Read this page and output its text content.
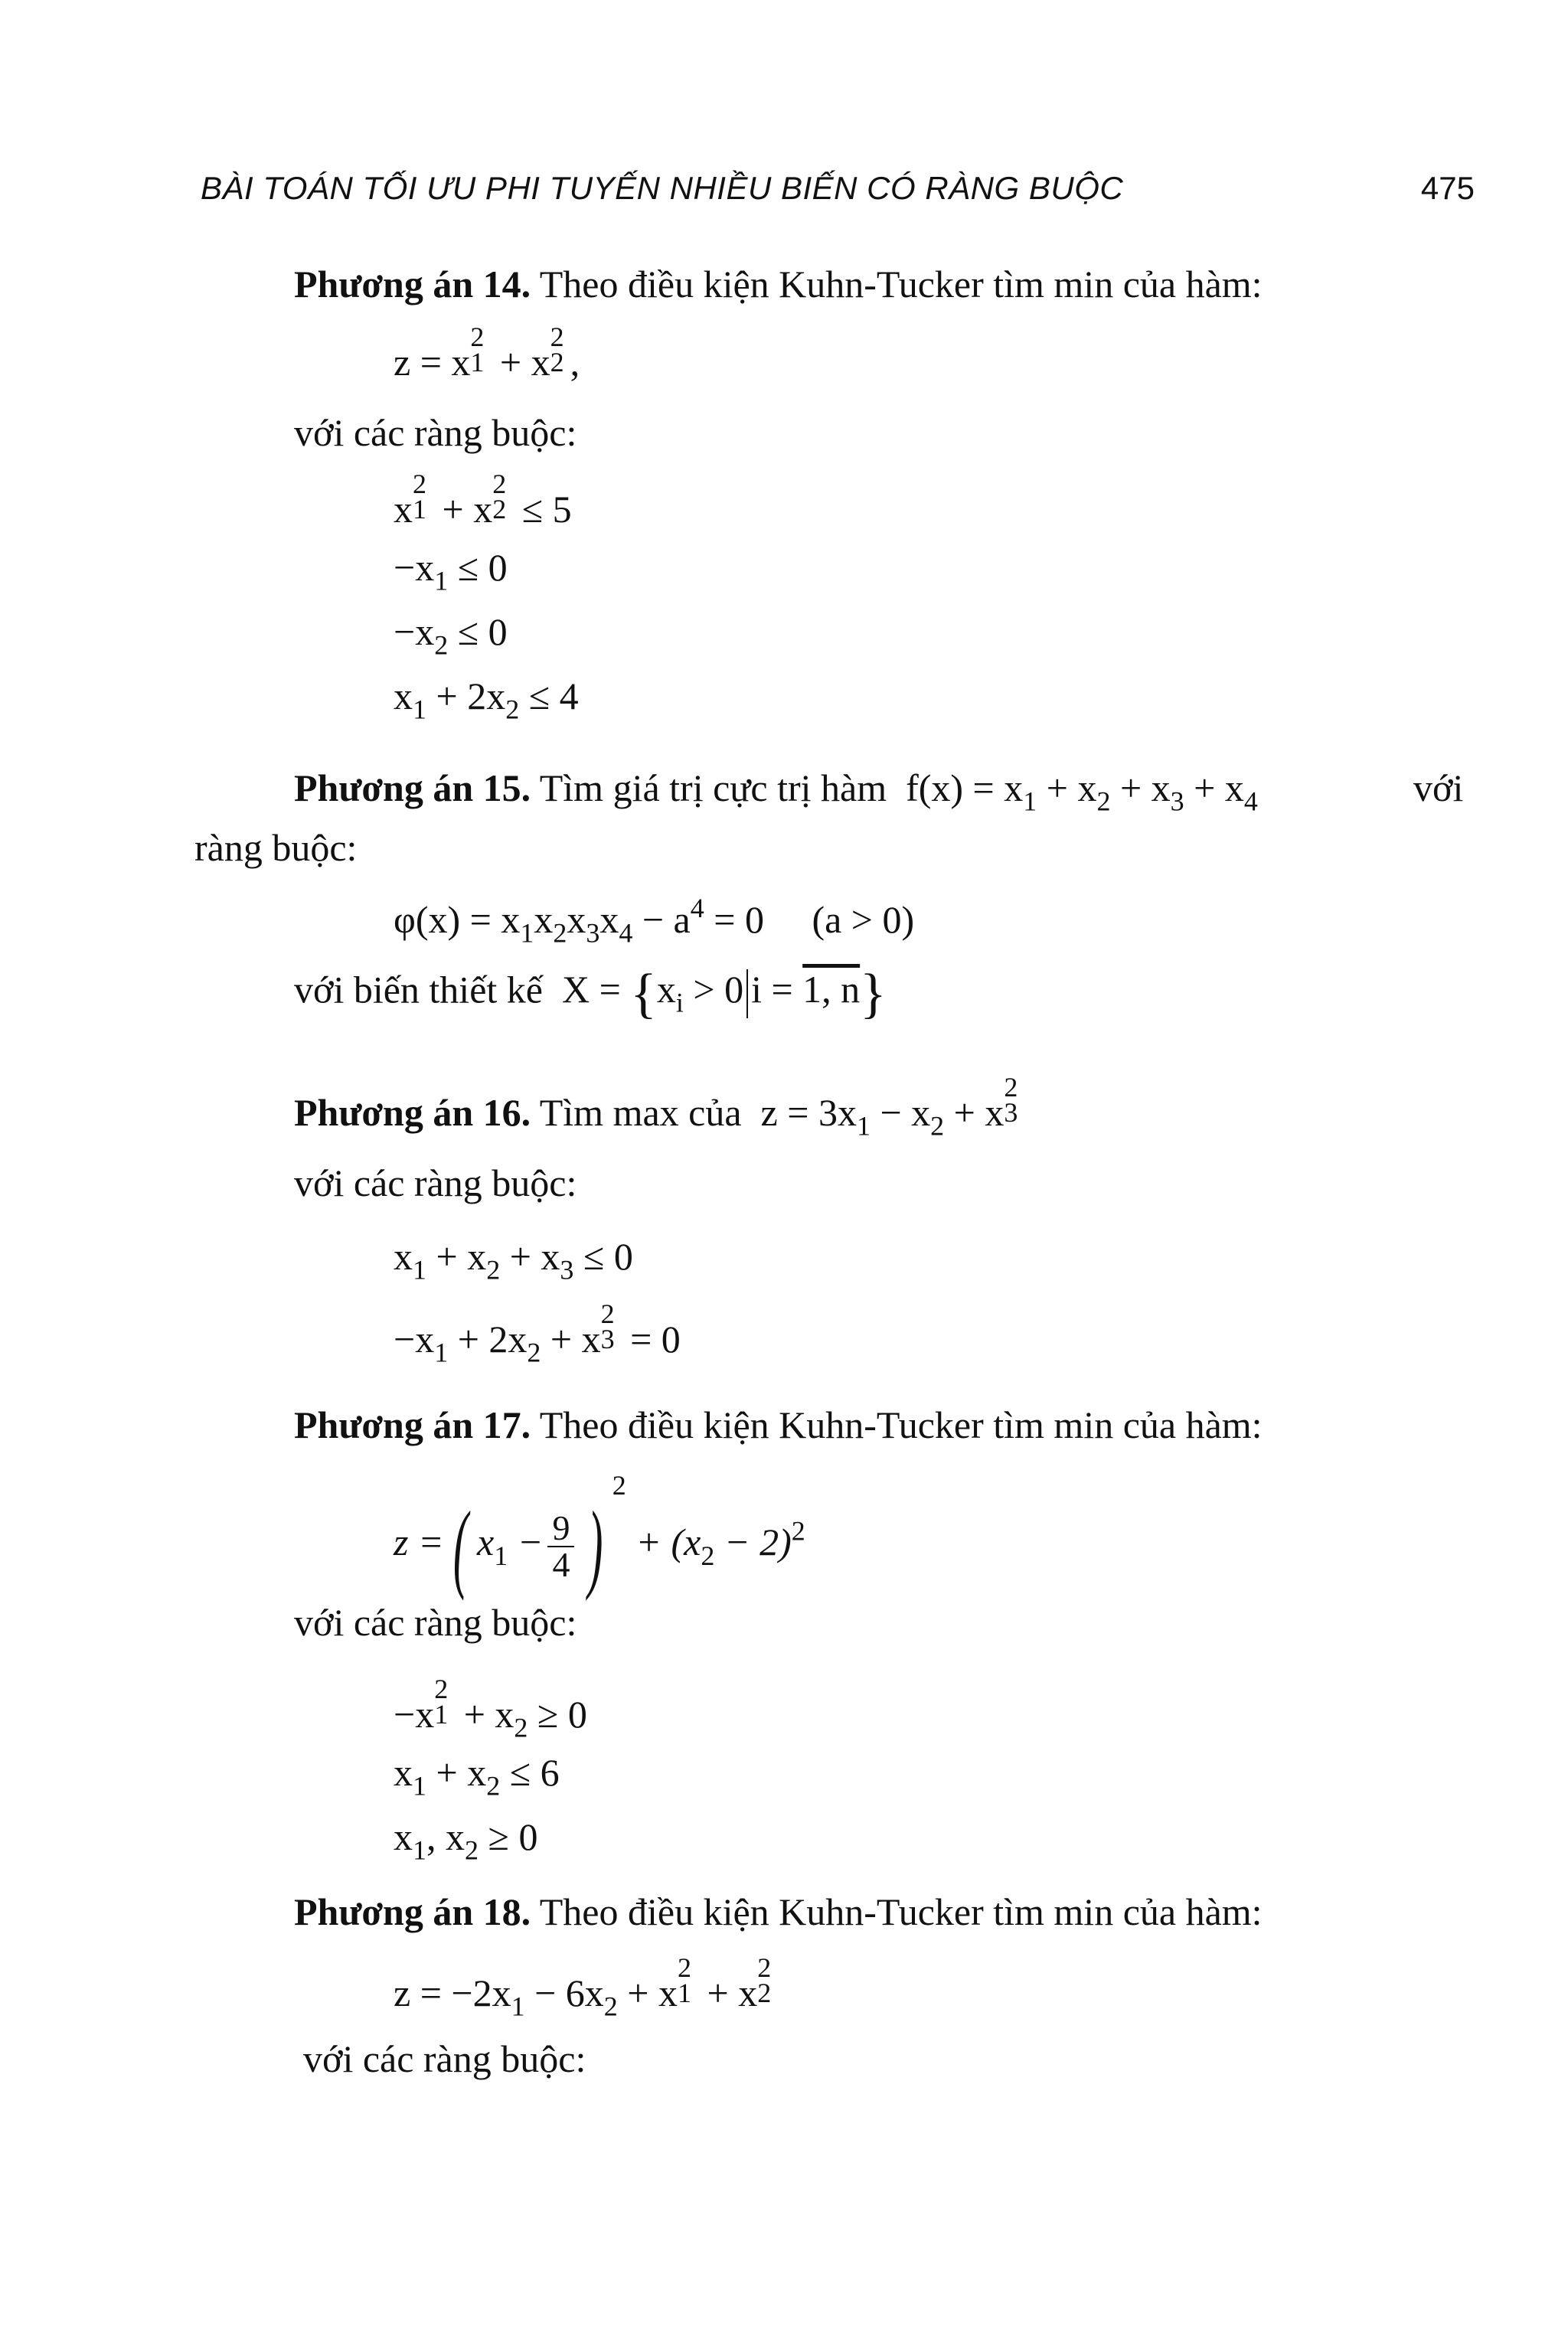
BÀI TOÁN TỐI ƯU PHI TUYẾN NHIỀU BIẾN CÓ RÀNG BUỘC	475
Phương án 14. Theo điều kiện Kuhn-Tucker tìm min của hàm:
z = x
2
1 + x
2
2 ,
với các ràng buộc:
x
2
1 + x
2
2 ≤ 5
$-x_1 \le 0$
$-x_2 \le 0$
$x_1 + 2x_2 \le 4$
Phương án 15. Tìm giá trị cực trị hàm $f(x) = x_1 + x_2 + x_3 + x_4$	với
ràng buộc:
$\varphi(x) = x_1x_2x_3x_4 - a^4 = 0$     (a > 0)
với biến thiết kế $X = \{x_i > 0$ i = 1, n}
Phương án 16. Tìm max của $z = 3x_1 - x_2 + x$
2
3
với các ràng buộc:
$x_1 + x_2 + x_3 \le 0$
$-x_1 + 2x_2 + x$
2
3 = 0
Phương án 17. Theo điều kiện Kuhn-Tucker tìm min của hàm:
z =( $x_1 - \frac{9}{4} )^2 + (x_2 - 2)^2$
với các ràng buộc:
−x
2
$1 + x_2 \ge 0$
$x_1 + x_2 \le 6$
$x_1$, $x_2 \ge 0$
Phương án 18. Theo điều kiện Kuhn-Tucker tìm min của hàm:
$z = -2x_1 - 6x_2 + x$
2
1 + x
2
2
với các ràng buộc:
